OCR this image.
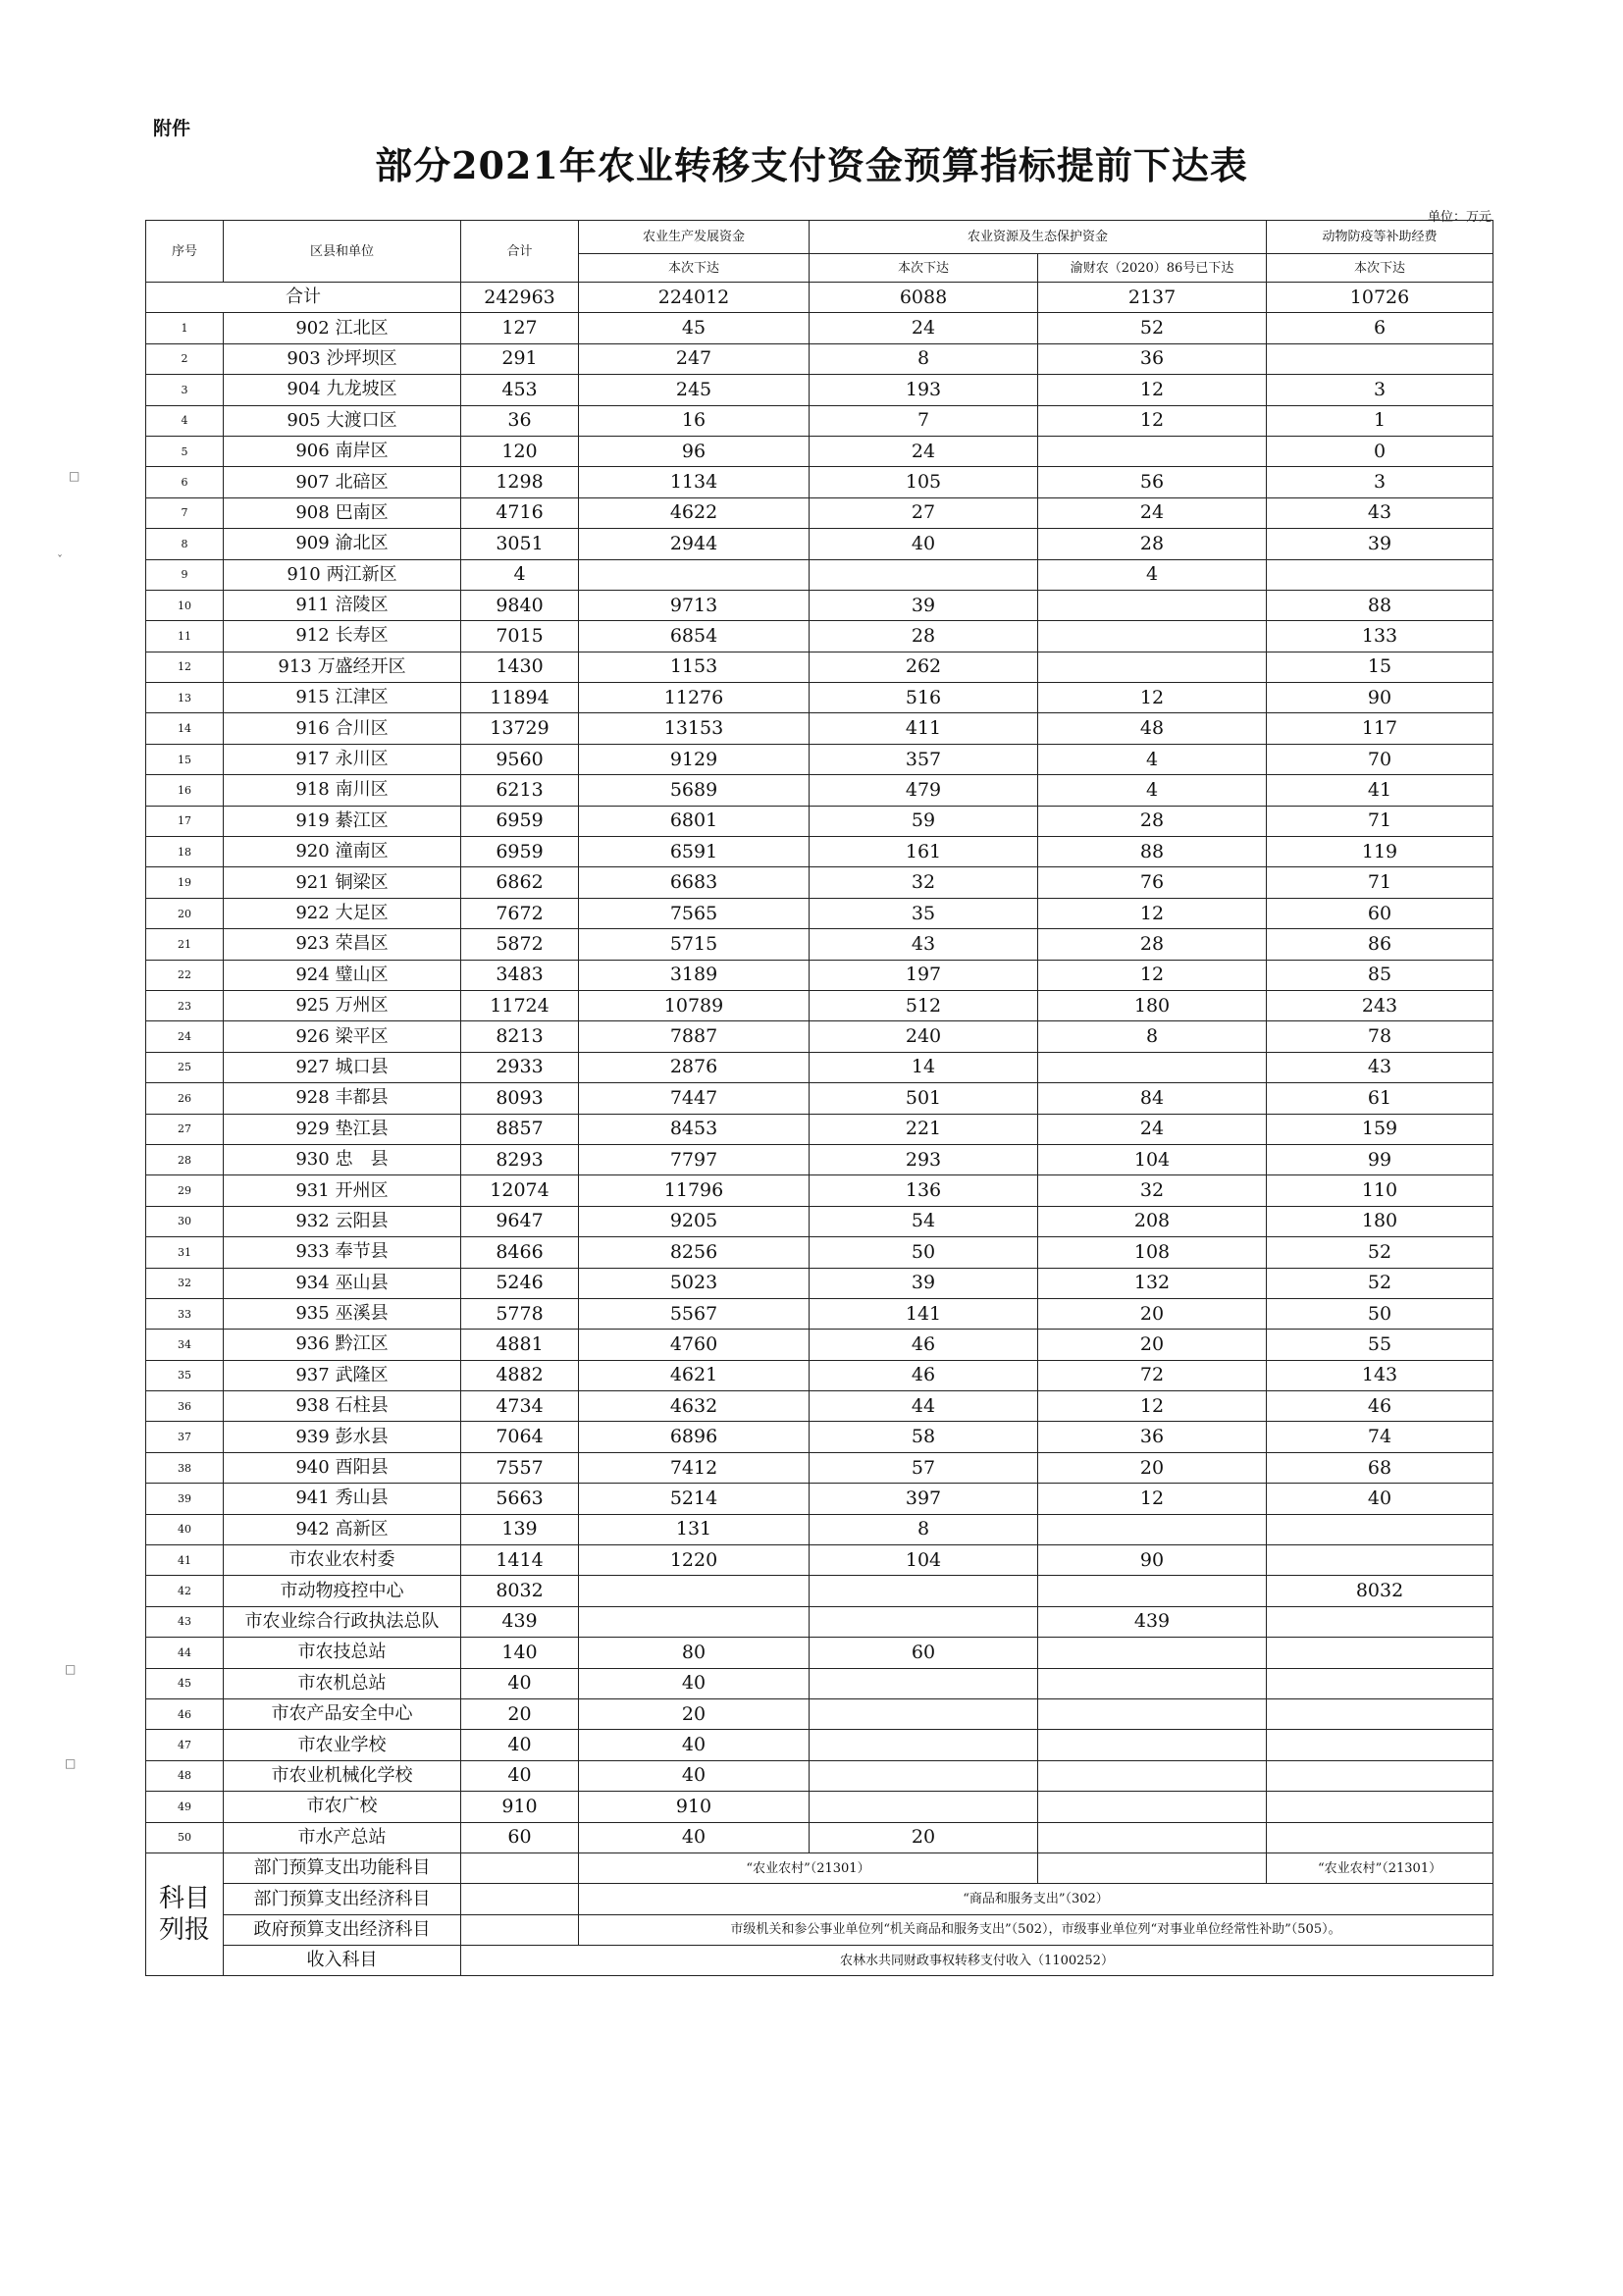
附件
部分2021年农业转移支付资金预算指标提前下达表
单位：万元
□
ˇ
□
□
序号	区县和单位	合计	农业生产发展资金	农业资源及生态保护资金		动物防疫等补助经费
			本次下达	本次下达	渝财农（2020）86号已下达	本次下达
合计		242963	224012	6088	2137	10726
1	902 江北区	127	45	24	52	6
2	903 沙坪坝区	291	247	8	36	
3	904 九龙坡区	453	245	193	12	3
4	905 大渡口区	36	16	7	12	1
5	906 南岸区	120	96	24		0
6	907 北碚区	1298	1134	105	56	3
7	908 巴南区	4716	4622	27	24	43
8	909 渝北区	3051	2944	40	28	39
9	910 两江新区	4			4	
10	911 涪陵区	9840	9713	39		88
11	912 长寿区	7015	6854	28		133
12	913 万盛经开区	1430	1153	262		15
13	915 江津区	11894	11276	516	12	90
14	916 合川区	13729	13153	411	48	117
15	917 永川区	9560	9129	357	4	70
16	918 南川区	6213	5689	479	4	41
17	919 綦江区	6959	6801	59	28	71
18	920 潼南区	6959	6591	161	88	119
19	921 铜梁区	6862	6683	32	76	71
20	922 大足区	7672	7565	35	12	60
21	923 荣昌区	5872	5715	43	28	86
22	924 璧山区	3483	3189	197	12	85
23	925 万州区	11724	10789	512	180	243
24	926 梁平区	8213	7887	240	8	78
25	927 城口县	2933	2876	14		43
26	928 丰都县	8093	7447	501	84	61
27	929 垫江县	8857	8453	221	24	159
28	930 忠　县	8293	7797	293	104	99
29	931 开州区	12074	11796	136	32	110
30	932 云阳县	9647	9205	54	208	180
31	933 奉节县	8466	8256	50	108	52
32	934 巫山县	5246	5023	39	132	52
33	935 巫溪县	5778	5567	141	20	50
34	936 黔江区	4881	4760	46	20	55
35	937 武隆区	4882	4621	46	72	143
36	938 石柱县	4734	4632	44	12	46
37	939 彭水县	7064	6896	58	36	74
38	940 酉阳县	7557	7412	57	20	68
39	941 秀山县	5663	5214	397	12	40
40	942 高新区	139	131	8		
41	市农业农村委	1414	1220	104	90	
42	市动物疫控中心	8032				8032
43	市农业综合行政执法总队	439			439	
44	市农技总站	140	80	60		
45	市农机总站	40	40			
46	市农产品安全中心	20	20			
47	市农业学校	40	40			
48	市农业机械化学校	40	40			
49	市农广校	910	910			
50	市水产总站	60	40	20		
科目列报	部门预算支出功能科目		“农业农村”（21301）			“农业农村”（21301）
	部门预算支出经济科目		“商品和服务支出”（302）			
	政府预算支出经济科目		市级机关和参公事业单位列“机关商品和服务支出”（502），市级事业单位列“对事业单位经常性补助”（505）。			
	收入科目	农林水共同财政事权转移支付收入（1100252）				
